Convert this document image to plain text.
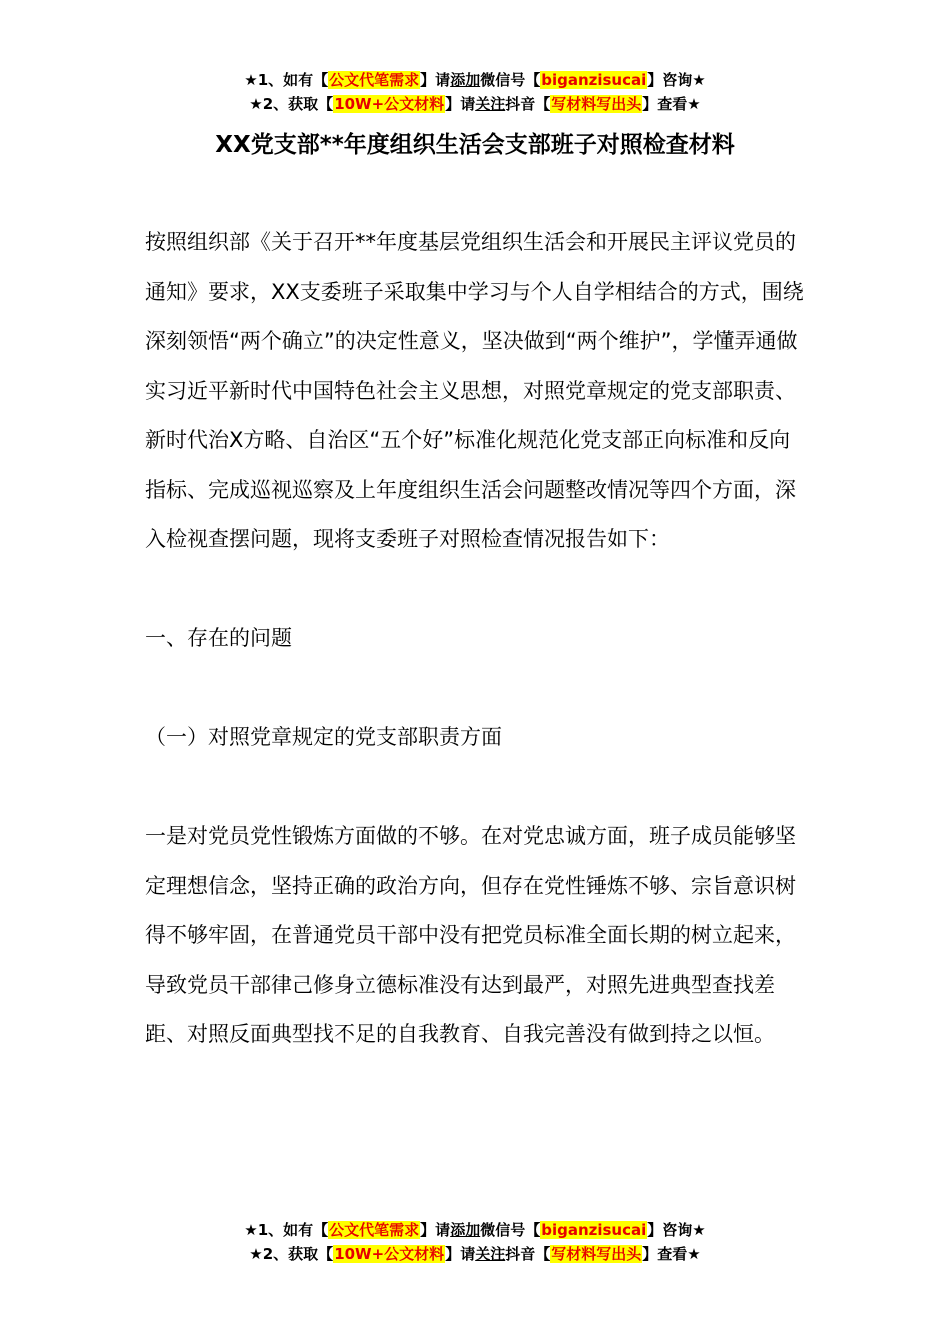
★1、如有【公文代笔需求】请添加微信号【biganzisucai】咨询★
★2、获取【10W+公文材料】请关注抖音【写材料写出头】查看★
XX党支部**年度组织生活会支部班子对照检查材料

按照组织部《关于召开**年度基层党组织生活会和开展民主评议党员的通知》要求，XX支委班子采取集中学习与个人自学相结合的方式，围绕深刻领悟“两个确立”的决定性意义，坚决做到“两个维护”，学懂弄通做实习近平新时代中国特色社会主义思想，对照党章规定的党支部职责、新时代治X方略、自治区“五个好”标准化规范化党支部正向标准和反向指标、完成巡视巡察及上年度组织生活会问题整改情况等四个方面，深入检视查摆问题，现将支委班子对照检查情况报告如下：

一、存在的问题

（一）对照党章规定的党支部职责方面

一是对党员党性锻炼方面做的不够。在对党忠诚方面，班子成员能够坚定理想信念，坚持正确的政治方向，但存在党性锤炼不够、宗旨意识树得不够牢固，在普通党员干部中没有把党员标准全面长期的树立起来，导致党员干部律己修身立德标准没有达到最严，对照先进典型查找差距、对照反面典型找不足的自我教育、自我完善没有做到持之以恒。

★1、如有【公文代笔需求】请添加微信号【biganzisucai】咨询★
★2、获取【10W+公文材料】请关注抖音【写材料写出头】查看★
